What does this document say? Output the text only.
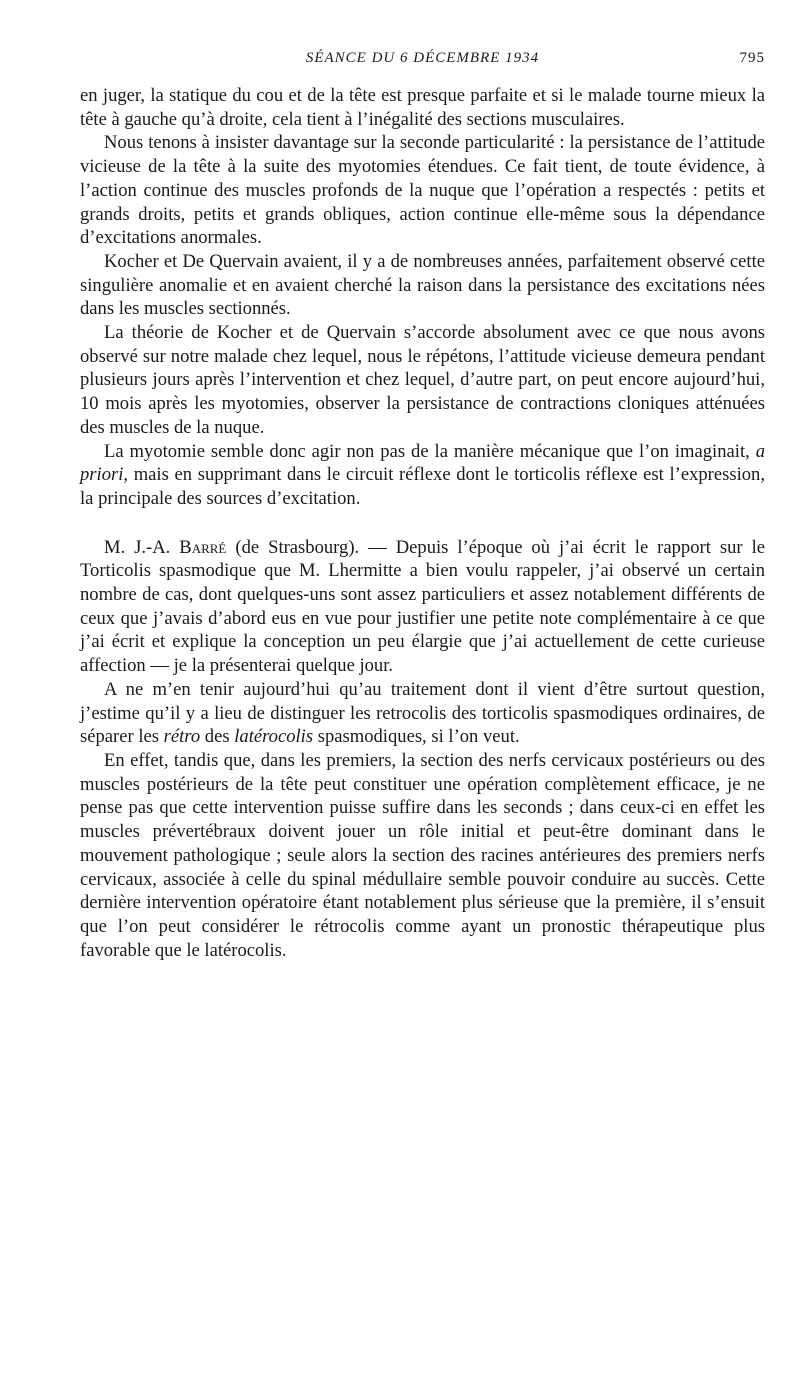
SÉANCE DU 6 DÉCEMBRE 1934	795

en juger, la statique du cou et de la tête est presque parfaite et si le malade tourne mieux la tête à gauche qu’à droite, cela tient à l’inégalité des sections musculaires.

Nous tenons à insister davantage sur la seconde particularité : la persistance de l’attitude vicieuse de la tête à la suite des myotomies étendues. Ce fait tient, de toute évidence, à l’action continue des muscles profonds de la nuque que l’opération a respectés : petits et grands droits, petits et grands obliques, action continue elle-même sous la dépendance d’excitations anormales.

Kocher et De Quervain avaient, il y a de nombreuses années, parfaitement observé cette singulière anomalie et en avaient cherché la raison dans la persistance des excitations nées dans les muscles sectionnés.

La théorie de Kocher et de Quervain s’accorde absolument avec ce que nous avons observé sur notre malade chez lequel, nous le répétons, l’attitude vicieuse demeura pendant plusieurs jours après l’intervention et chez lequel, d’autre part, on peut encore aujourd’hui, 10 mois après les myotomies, observer la persistance de contractions cloniques atténuées des muscles de la nuque.

La myotomie semble donc agir non pas de la manière mécanique que l’on imaginait, a priori, mais en supprimant dans le circuit réflexe dont le torticolis réflexe est l’expression, la principale des sources d’excitation.

M. J.-A. Barré (de Strasbourg). — Depuis l’époque où j’ai écrit le rapport sur le Torticolis spasmodique que M. Lhermitte a bien voulu rappeler, j’ai observé un certain nombre de cas, dont quelques-uns sont assez particuliers et assez notablement différents de ceux que j’avais d’abord eus en vue pour justifier une petite note complémentaire à ce que j’ai écrit et explique la conception un peu élargie que j’ai actuellement de cette curieuse affection — je la présenterai quelque jour.

A ne m’en tenir aujourd’hui qu’au traitement dont il vient d’être surtout question, j’estime qu’il y a lieu de distinguer les retrocolis des torticolis spasmodiques ordinaires, de séparer les rétro des latérocolis spasmodiques, si l’on veut.

En effet, tandis que, dans les premiers, la section des nerfs cervicaux postérieurs ou des muscles postérieurs de la tête peut constituer une opération complètement efficace, je ne pense pas que cette intervention puisse suffire dans les seconds ; dans ceux-ci en effet les muscles prévertébraux doivent jouer un rôle initial et peut-être dominant dans le mouvement pathologique ; seule alors la section des racines antérieures des premiers nerfs cervicaux, associée à celle du spinal médullaire semble pouvoir conduire au succès. Cette dernière intervention opératoire étant notablement plus sérieuse que la première, il s’ensuit que l’on peut considérer le rétrocolis comme ayant un pronostic thérapeutique plus favorable que le latérocolis.
